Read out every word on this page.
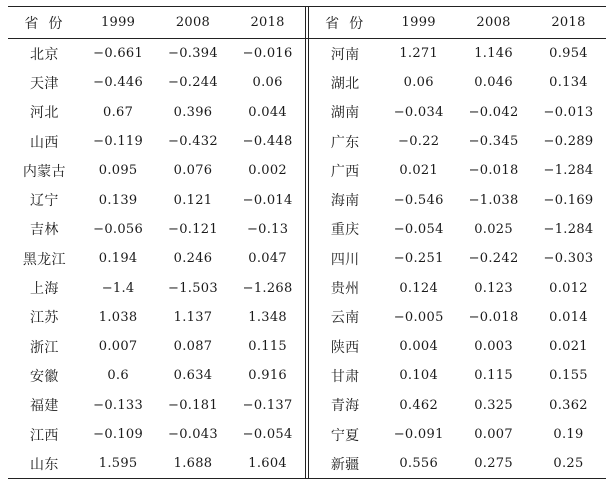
省份	1999	2008	2018		省份	1999	2008	2018
北京	−0.661	−0.394	−0.016		河南	1.271	1.146	0.954
天津	−0.446	−0.244	0.06		湖北	0.06	0.046	0.134
河北	0.67	0.396	0.044		湖南	−0.034	−0.042	−0.013
山西	−0.119	−0.432	−0.448		广东	−0.22	−0.345	−0.289
内蒙古	0.095	0.076	0.002		广西	0.021	−0.018	−1.284
辽宁	0.139	0.121	−0.014		海南	−0.546	−1.038	−0.169
吉林	−0.056	−0.121	−0.13		重庆	−0.054	0.025	−1.284
黑龙江	0.194	0.246	0.047		四川	−0.251	−0.242	−0.303
上海	−1.4	−1.503	−1.268		贵州	0.124	0.123	0.012
江苏	1.038	1.137	1.348		云南	−0.005	−0.018	0.014
浙江	0.007	0.087	0.115		陕西	0.004	0.003	0.021
安徽	0.6	0.634	0.916		甘肃	0.104	0.115	0.155
福建	−0.133	−0.181	−0.137		青海	0.462	0.325	0.362
江西	−0.109	−0.043	−0.054		宁夏	−0.091	0.007	0.19
山东	1.595	1.688	1.604		新疆	0.556	0.275	0.25
